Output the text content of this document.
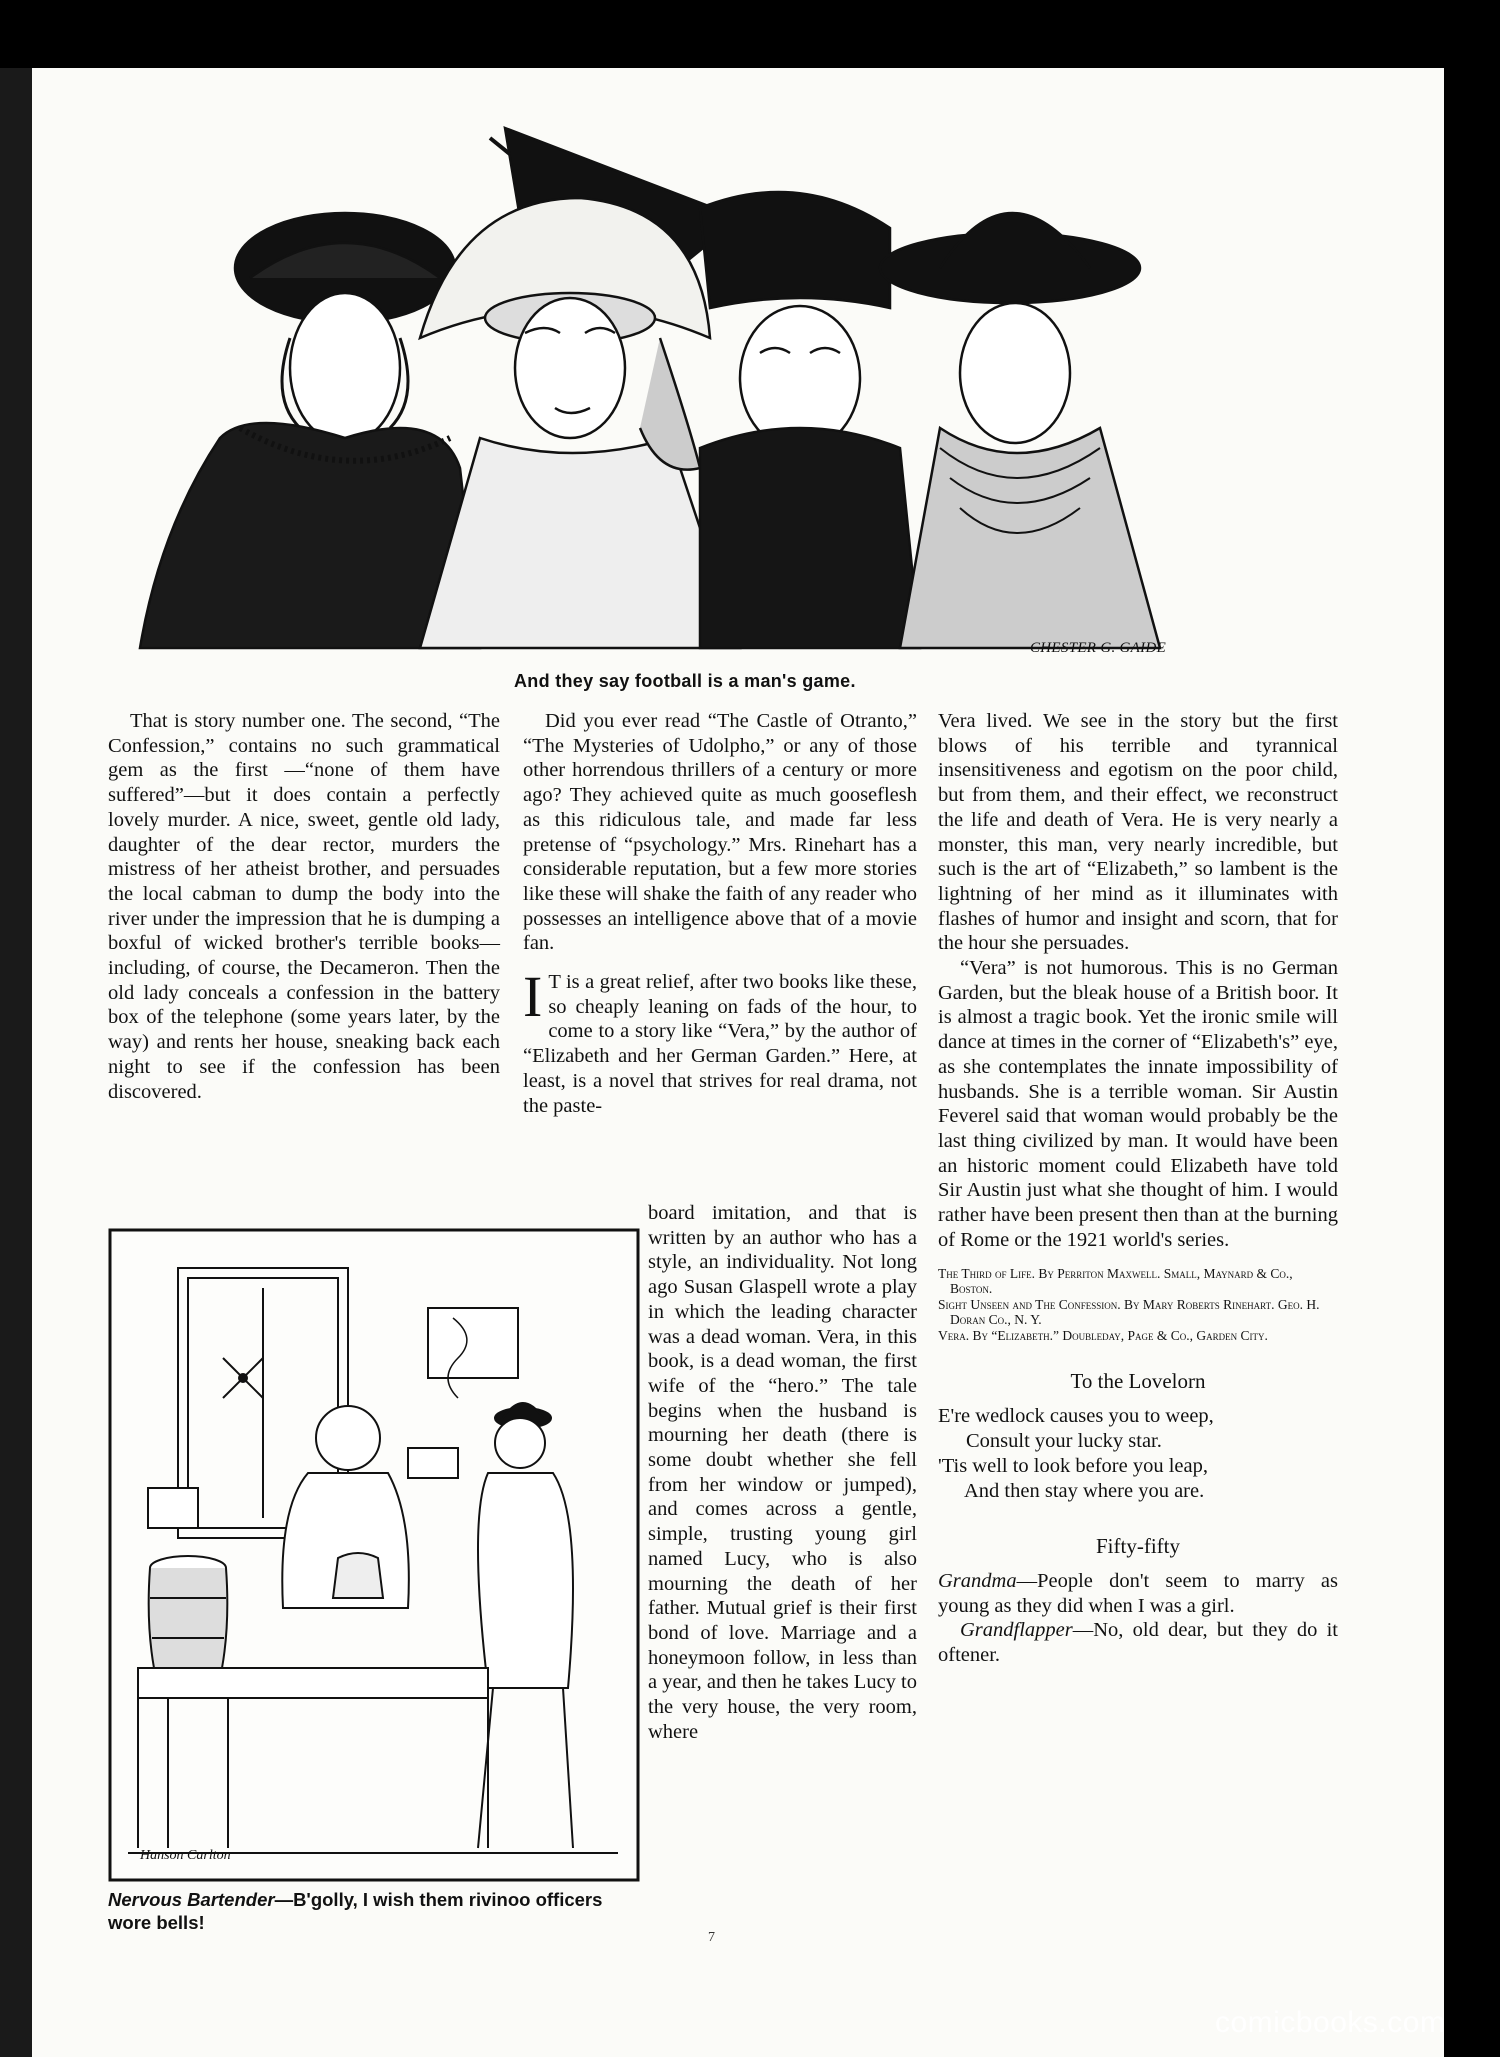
CHESTER G. GAIDE
And they say football is a man's game.

That is story number one. The second, “The Confession,” contains no such grammatical gem as the first —“none of them have suffered”—but it does contain a perfectly lovely murder. A nice, sweet, gentle old lady, daughter of the dear rector, murders the mistress of her atheist brother, and persuades the local cabman to dump the body into the river under the impression that he is dumping a boxful of wicked brother's terrible books—including, of course, the Decameron. Then the old lady conceals a confession in the battery box of the telephone (some years later, by the way) and rents her house, sneaking back each night to see if the confession has been discovered.

Hanson Carlton
Nervous Bartender—B'golly, I wish them rivinoo officers wore bells!

Did you ever read “The Castle of Otranto,” “The Mysteries of Udolpho,” or any of those other horrendous thrillers of a century or more ago? They achieved quite as much gooseflesh as this ridiculous tale, and made far less pretense of “psychology.” Mrs. Rinehart has a considerable reputation, but a few more stories like these will shake the faith of any reader who possesses an intelligence above that of a movie fan.

I T is a great relief, after two books like these, so cheaply leaning on fads of the hour, to come to a story like “Vera,” by the author of “Elizabeth and her German Garden.” Here, at least, is a novel that strives for real drama, not the paste-

board imitation, and that is written by an author who has a style, an individuality. Not long ago Susan Glaspell wrote a play in which the leading character was a dead woman. Vera, in this book, is a dead woman, the first wife of the “hero.” The tale begins when the husband is mourning her death (there is some doubt whether she fell from her window or jumped), and comes across a gentle, simple, trusting young girl named Lucy, who is also mourning the death of her father. Mutual grief is their first bond of love. Marriage and a honeymoon follow, in less than a year, and then he takes Lucy to the very house, the very room, where

Vera lived. We see in the story but the first blows of his terrible and tyrannical insensitiveness and egotism on the poor child, but from them, and their effect, we reconstruct the life and death of Vera. He is very nearly a monster, this man, very nearly incredible, but such is the art of “Elizabeth,” so lambent is the lightning of her mind as it illuminates with flashes of humor and insight and scorn, that for the hour she persuades.

“Vera” is not humorous. This is no German Garden, but the bleak house of a British boor. It is almost a tragic book. Yet the ironic smile will dance at times in the corner of “Elizabeth's” eye, as she contemplates the innate impossibility of husbands. She is a terrible woman. Sir Austin Feverel said that woman would probably be the last thing civilized by man. It would have been an historic moment could Elizabeth have told Sir Austin just what she thought of him. I would rather have been present then than at the burning of Rome or the 1921 world's series.

The Third of Life. By Perriton Maxwell. Small, Maynard & Co., Boston.
Sight Unseen and The Confession. By Mary Roberts Rinehart. Geo. H. Doran Co., N. Y.
Vera. By “Elizabeth.” Doubleday, Page & Co., Garden City.
To the Lovelorn
E're wedlock causes you to weep,
Consult your lucky star.
'Tis well to look before you leap,
And then stay where you are.
Fifty-fifty

Grandma—People don't seem to marry as young as they did when I was a girl.

Grandflapper—No, old dear, but they do it oftener.

7
comicbooks.com
